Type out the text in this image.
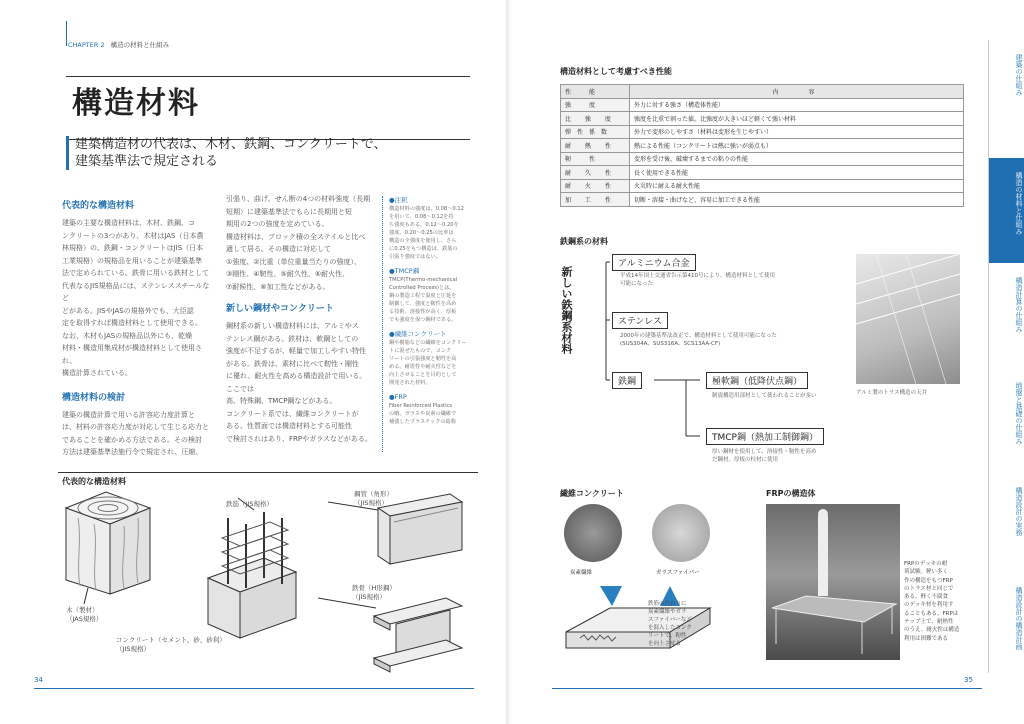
CHAPTER 2 構造の材料と仕組み
構造材料
建築構造材の代表は、木材、鉄鋼、コンクリートで、
建築基準法で規定される
代表的な構造材料
建築の主要な構造材料は、木材、鉄鋼、コ
ンクリートの3つがあり、木材はJAS（日本農
林規格）の、鉄鋼・コンクリートはJIS（日本
工業規格）の規格品を用いることが建築基準
法で定められている。鉄骨に用いる鉄材として
代表なるJIS規格品には、ステンレススチールなど
どがある。JISやJASの規格外でも、大臣認
定を取得すれば構造材料として使用できる。
なお、木材もJASの規格品以外にも、乾燥
材料・構造用集成材が構造材料として使用され、
構造計算されている。
構造材料の検討
建築の構造計算で用いる許容応力度計算と
は、材料の許容応力度が対応して生じる応力と
であることを確かめる方法である。その検討
方法は建築基準法施行令で規定され、圧縮、
引張り、曲げ、せん断の4つの材料強度（長期
短期）に建築基準法でもらに長期用と短
期用の2つの強度を定めている。
構造材料は、ブロック積の全ステイルと比べ
適して居る。その構造に対応して
①強度、②比重（単位重量当たりの強度）、
③剛性、④靭性、⑤耐久性、⑥耐火性、
⑦耐候性、⑧加工性などがある。
新しい鋼材やコンクリート
鋼材系の新しい構造材料には、アルミやス
テンレス鋼がある。鉄材は、軟鋼としての
強度が不足するが、軽量で加工しやすい特性
がある。鉄骨は、素材に比べて靭性・剛性
に優れ、耐火性を高める構造設計で用いる。ここでは
高、特殊鋼、TMCP鋼などがある。
コンクリート系では、繊維コンクリートが
ある。性質面では構造材料とする可能性
で検討されはあり、FRPやガラスなどがある。
●注釈
構造材料の強度は、0.08～0.12
を用いて、0.08～0.12を持
ち強度もある。0.12～0.20を
強度、0.20～0.25の比率は
構造の全強度を使用し、さら
に0.25をもつ構造は、鉄筋の
引張り強度ではない。
●TMCP鋼
TMCP(Thermo-mechanical
Controlled Process)とは、
鋼の製造工程で温度と圧延を
制御して、強度と靭性を高め
る技術。溶接性が高く、厚板
でも強度を保つ鋼材である。
●繊維コンクリート
鋼や樹脂などの繊維をコンクリー
トに混ぜたもので、コンク
リートの引張強度と靭性を高
める。耐震性や耐火性などを
向上させることを目的として
開発された材料。
●FRP
Fiber Reinforced Plastics
の略。ガラスや炭素の繊維で
補強したプラスチックの総称
代表的な構造材料
木（製材）
（JAS規格）
鉄筋（JIS規格）
コンクリート（セメント、砂、砂利）
（JIS規格）
鋼管（角形）
（JIS規格）
鉄骨（H形鋼）
（JIS規格）
34
構造材料として考慮すべき性能
性　能	内　　容
強　度	外力に対する強さ（構造体性能）
比 強 度	強度を比重で割った値。比強度が大きいほど軽くて強い材料
弾性係数	外力で変形のしやすさ（材料は変形を生じやすい）
耐 熱 性	熱による性能（コンクリートは熱に強いが弱点も）
靭　性	変形を受け後、破壊するまでの粘りの性能
耐 久 性	長く使用できる性能
耐 火 性	火災時に耐える耐火性能
加 工 性	切断・溶接・曲げなど、容易に加工できる性能
鉄鋼系の材料
新しい鉄鋼系材料
アルミニウム合金
平成14年国土交通省告示第410号により、構造材料として使用
可能になった
ステンレス
2000年の建築基準法改正で、構造材料として使用可能になった
(SUS304A、SUS316A、SCS13AA-CF)
鉄鋼	極軟鋼（低降伏点鋼）
制震構造用部材として使われることが多い
TMCP鋼（熱加工制御鋼）
厚い鋼材を使用して、溶接性・靭性を高め
だ鋼材。厚板の柱材に使用
アルミ製のトラス構造の天井
繊維コンクリート
炭素繊維	ガラスファイバー
鉄筋の代わりに
炭素繊維やガラ
スファイバーなど
を混入したコンク
リートで、靭性
を向上させる
FRPの構造体
FRPのデッキの耐
荷試験。軽い多く
作の構造をもつFRP
のトラス材と同じで
ある。軽く不腐食
のデッキ材を利用す
ることもある。FRPは
テップ上で、耐熱性
のうえ、耐火性は構造
利用は困難である
建築の仕組み
構造の材料と仕組み
構造計算の仕組み
地盤と基礎の仕組み
構造設計の実務
構造設計の構造計画
35
